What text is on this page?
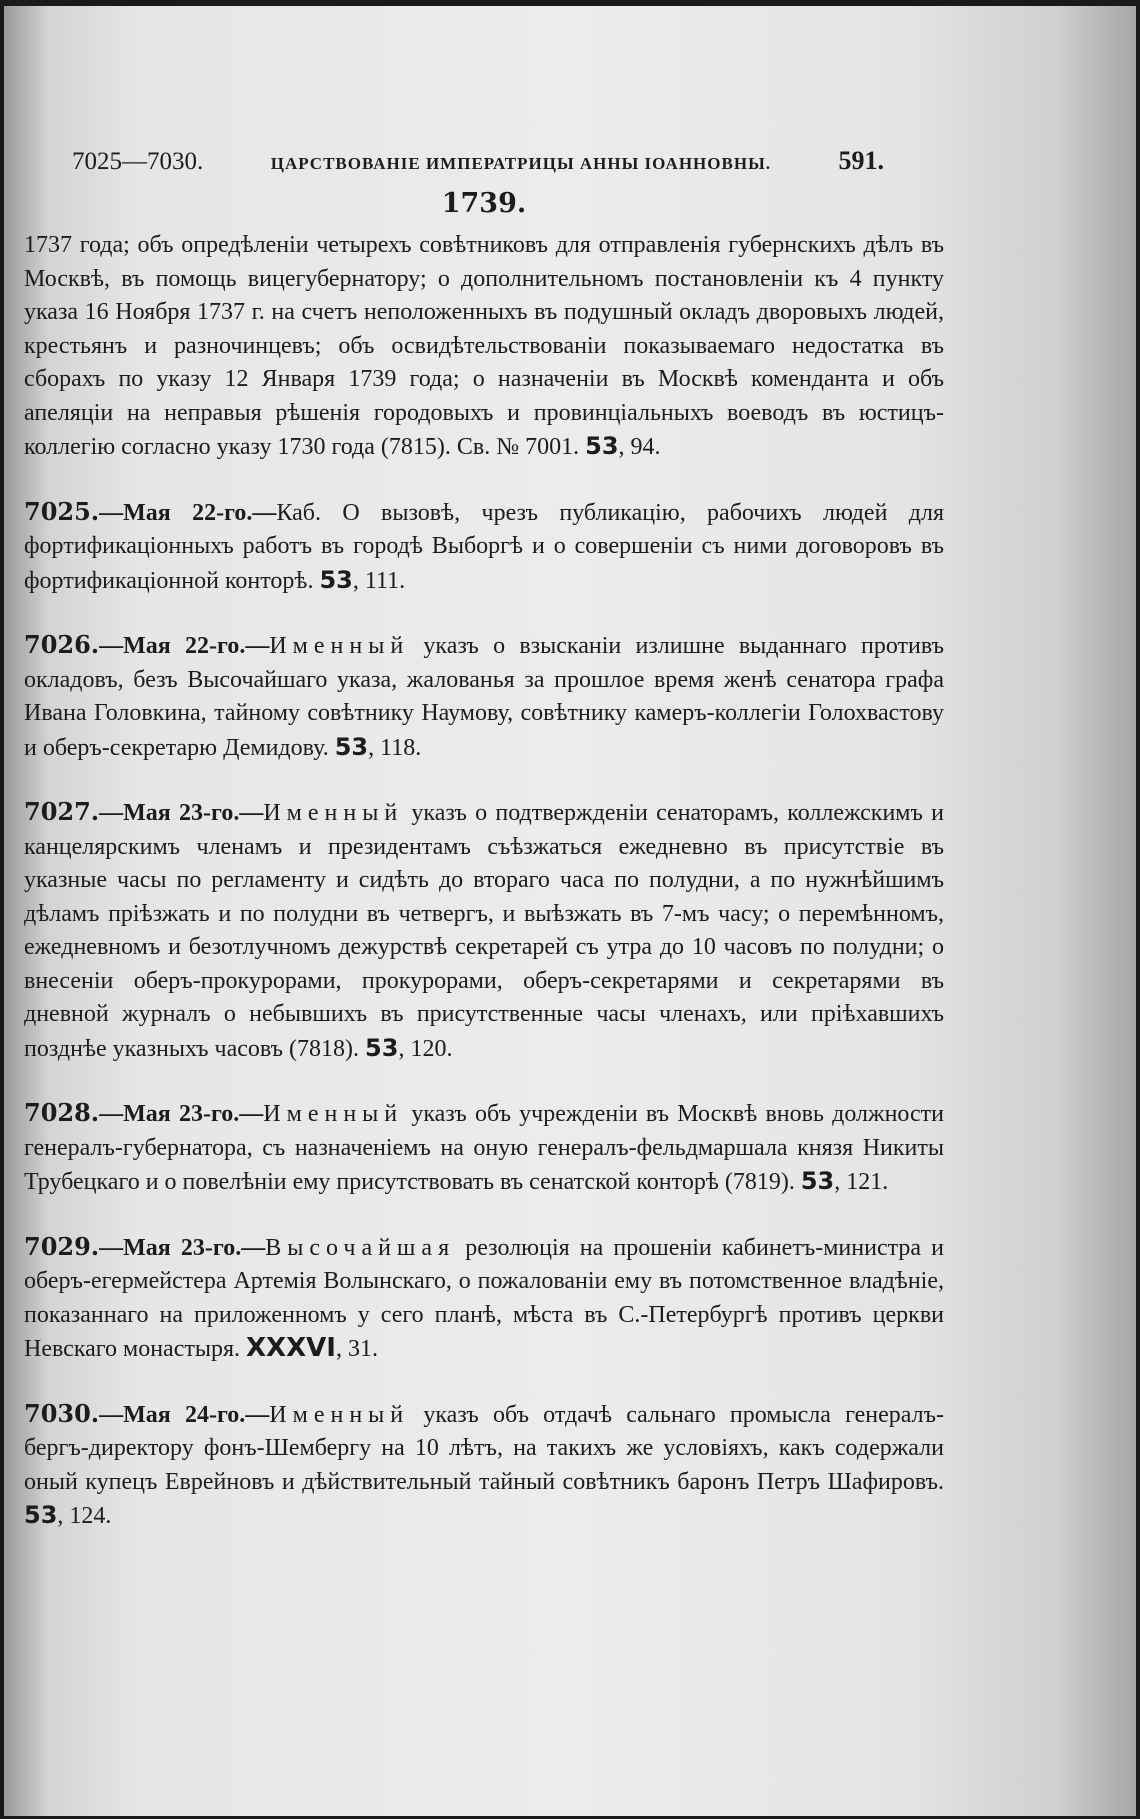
7025—7030.	ЦАРСТВОВАНІЕ ИМПЕРАТРИЦЫ АННЫ ІОАННОВНЫ.	591.
1739.

1737 года; объ опредѣленіи четырехъ совѣтниковъ для отправленія губернскихъ дѣлъ въ Москвѣ, въ помощь вицегубернатору; о дополнительномъ постановленіи къ 4 пункту указа 16 Ноября 1737 г. на счетъ неположенныхъ въ подушный окладъ дворовыхъ людей, крестьянъ и разночинцевъ; объ освидѣтельствованіи показываемаго недостатка въ сборахъ по указу 12 Января 1739 года; о назначеніи въ Москвѣ коменданта и объ апеляціи на неправыя рѣшенія городовыхъ и провинціальныхъ воеводъ въ юстицъ-коллегію согласно указу 1730 года (7815). Св. № 7001. 53, 94.

7025.—Мая 22-го.—Каб. О вызовѣ, чрезъ публикацію, рабочихъ людей для фортификаціонныхъ работъ въ городѣ Выборгѣ и о совершеніи съ ними договоровъ въ фортификаціонной конторѣ. 53, 111.

7026.—Мая 22-го.—Именный указъ о взысканіи излишне выданнаго противъ окладовъ, безъ Высочайшаго указа, жалованья за прошлое время женѣ сенатора графа Ивана Головкина, тайному совѣтнику Наумову, совѣтнику камеръ-коллегіи Голохвастову и оберъ-секретарю Демидову. 53, 118.

7027.—Мая 23-го.—Именный указъ о подтвержденіи сенаторамъ, коллежскимъ и канцелярскимъ членамъ и президентамъ съѣзжаться ежедневно въ присутствіе въ указные часы по регламенту и сидѣть до втораго часа по полудни, а по нужнѣйшимъ дѣламъ пріѣзжать и по полудни въ четвергъ, и выѣзжать въ 7-мъ часу; о перемѣнномъ, ежедневномъ и безотлучномъ дежурствѣ секретарей съ утра до 10 часовъ по полудни; о внесеніи оберъ-прокурорами, прокурорами, оберъ-секретарями и секретарями въ дневной журналъ о небывшихъ въ присутственные часы членахъ, или пріѣхавшихъ позднѣе указныхъ часовъ (7818). 53, 120.

7028.—Мая 23-го.—Именный указъ объ учрежденіи въ Москвѣ вновь должности генералъ-губернатора, съ назначеніемъ на оную генералъ-фельдмаршала князя Никиты Трубецкаго и о повелѣніи ему присутствовать въ сенатской конторѣ (7819). 53, 121.

7029.—Мая 23-го.—Высочайшая резолюція на прошеніи кабинетъ-министра и оберъ-егермейстера Артемія Волынскаго, о пожалованіи ему въ потомственное владѣніе, показаннаго на приложенномъ у сего планѣ, мѣста въ С.-Петербургѣ противъ церкви Невскаго монастыря. XXXVI, 31.

7030.—Мая 24-го.—Именный указъ объ отдачѣ сальнаго промысла генералъ-бергъ-директору фонъ-Шембергу на 10 лѣтъ, на такихъ же условіяхъ, какъ содержали оный купецъ Еврейновъ и дѣйствительный тайный совѣтникъ баронъ Петръ Шафировъ. 53, 124.
